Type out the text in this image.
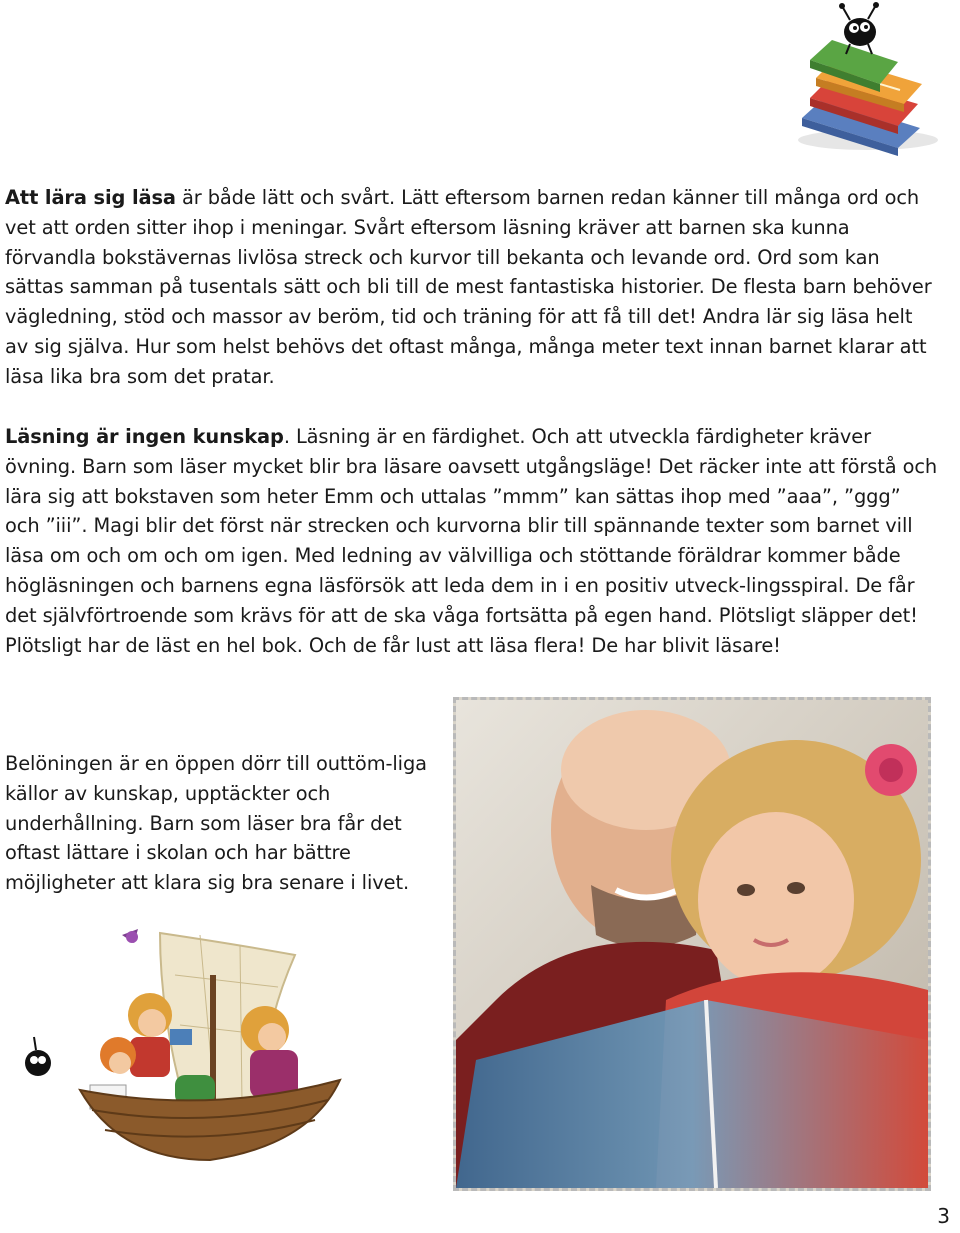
Att lära sig läsa är både lätt och svårt. Lätt eftersom barnen redan känner till många ord och vet att orden sitter ihop i meningar. Svårt eftersom läsning kräver att barnen ska kunna förvandla bokstävernas livlösa streck och kurvor till bekanta och levande ord. Ord som kan sättas samman på tusentals sätt och bli till de mest fantastiska historier. De flesta barn behöver vägledning, stöd och massor av beröm, tid och träning för att få till det! Andra lär sig läsa helt av sig själva. Hur som helst behövs det oftast många, många meter text innan barnet klarar att läsa lika bra som det pratar.

Läsning är ingen kunskap. Läsning är en färdighet. Och att utveckla färdigheter kräver övning. Barn som läser mycket blir bra läsare oavsett utgångsläge! Det räcker inte att förstå och lära sig att bokstaven som heter Emm och uttalas ”mmm” kan sättas ihop med ”aaa”, ”ggg” och ”iii”. Magi blir det först när strecken och kurvorna blir till spännande texter som barnet vill läsa om och om och om igen. Med ledning av välvilliga och stöttande föräldrar kommer både högläsningen och barnens egna läsförsök att leda dem in i en positiv utveck-lingsspiral. De får det självförtroende som krävs för att de ska våga fortsätta på egen hand. Plötsligt släpper det! Plötsligt har de läst en hel bok. Och de får lust att läsa flera! De har blivit läsare!

Belöningen är en öppen dörr till outtöm-liga källor av kunskap, upptäckter och underhållning. Barn som läser bra får det oftast lättare i skolan och har bättre möjligheter att klara sig bra senare i livet.

3
